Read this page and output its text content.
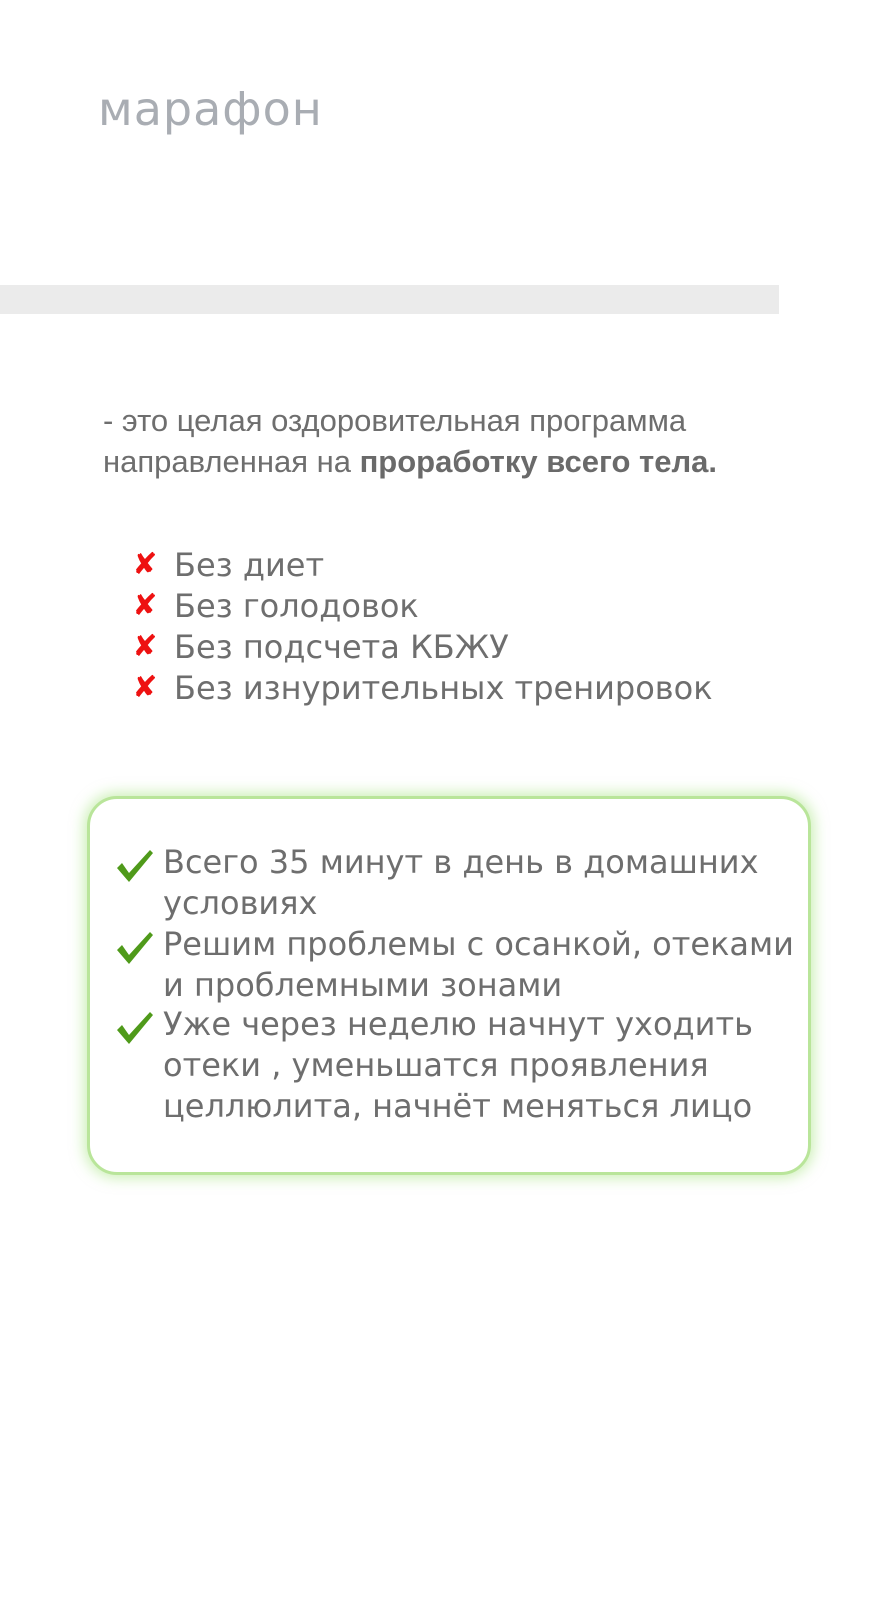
марафон

- это целая оздоровительная программа направленная на проработку всего тела.

✘ Без диет
✘ Без голодовок
✘ Без подсчета КБЖУ
✘ Без изнурительных тренировок
Всего 35 минут в день в домашних условиях
Решим проблемы с осанкой, отеками и проблемными зонами
Уже через неделю начнут уходить отеки , уменьшатся проявления целлюлита, начнёт меняться лицо
